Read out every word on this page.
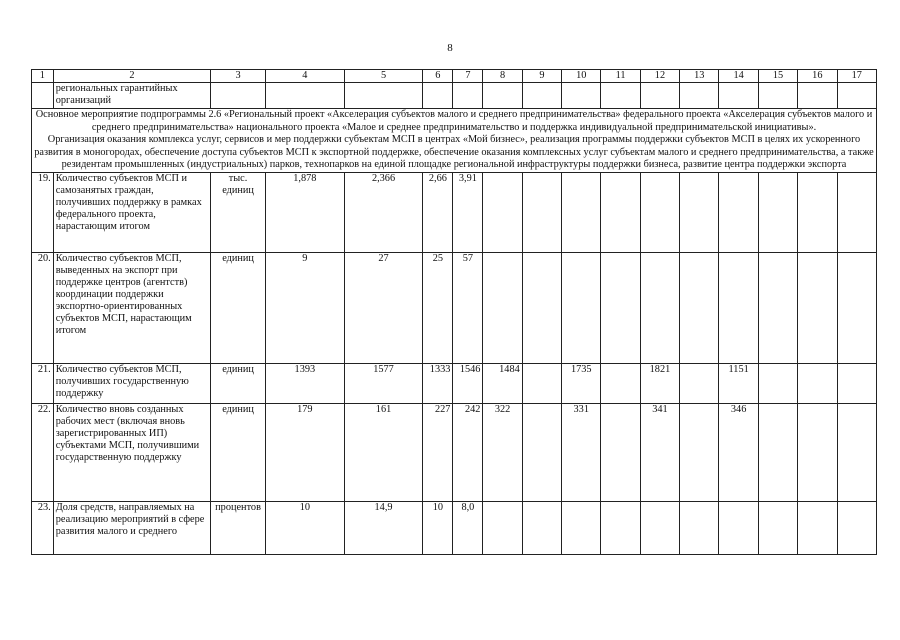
8
1	2	3	4	5	6	7	8	9	10	11	12	13	14	15	16	17
	региональных гарантийных организаций															

Основное мероприятие подпрограммы 2.6 «Региональный проект «Акселерация субъектов малого и среднего предпринимательства» федерального проекта «Акселерация субъектов малого и среднего предпринимательства» национального проекта «Малое и среднее предпринимательство и поддержка индивидуальной предпринимательской инициативы».

Организация оказания комплекса услуг, сервисов и мер поддержки субъектам МСП в центрах «Мой бизнес», реализация программы поддержки субъектов МСП в целях их ускоренного развития в моногородах, обеспечение доступа субъектов МСП к экспортной поддержке, обеспечение оказания комплексных услуг субъектам малого и среднего предпринимательства, а также резидентам промышленных (индустриальных) парков, технопарков на единой площадке региональной инфраструктуры поддержки бизнеса, развитие центра поддержки экспорта																

19.	Количество субъектов МСП и самозанятых граждан, получивших поддержку в рамках федерального проекта, нарастающим итогом	тыс. единиц	1,878	2,366	2,66	3,91										
20.	Количество субъектов МСП, выведенных на экспорт при поддержке центров (агентств) координации поддержки экспортно-ориентированных субъектов МСП, нарастающим итогом	единиц	9	27	25	57										
21.	Количество субъектов МСП, получивших государственную поддержку	единиц	1393	1577	1333	1546	1484		1735		1821		1151			
22.	Количество вновь созданных рабочих мест (включая вновь зарегистрированных ИП) субъектами МСП, получившими государственную поддержку	единиц	179	161	227	242	322		331		341		346			
23.	Доля средств, направляемых на реализацию мероприятий в сфере развития малого и среднего	процентов	10	14,9	10	8,0										
